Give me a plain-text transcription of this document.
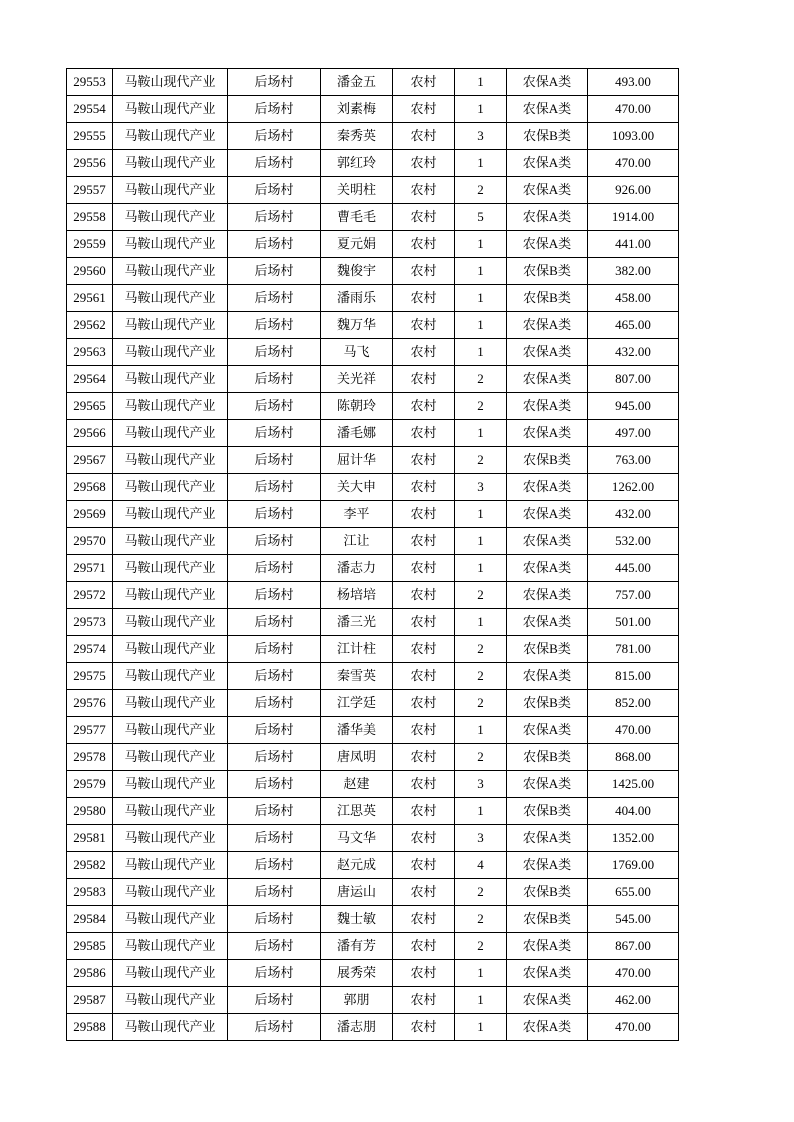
29553	马鞍山现代产业	后场村	潘金五	农村	1	农保A类	493.00
29554	马鞍山现代产业	后场村	刘素梅	农村	1	农保A类	470.00
29555	马鞍山现代产业	后场村	秦秀英	农村	3	农保B类	1093.00
29556	马鞍山现代产业	后场村	郭红玲	农村	1	农保A类	470.00
29557	马鞍山现代产业	后场村	关明柱	农村	2	农保A类	926.00
29558	马鞍山现代产业	后场村	曹毛毛	农村	5	农保A类	1914.00
29559	马鞍山现代产业	后场村	夏元娟	农村	1	农保A类	441.00
29560	马鞍山现代产业	后场村	魏俊宇	农村	1	农保B类	382.00
29561	马鞍山现代产业	后场村	潘雨乐	农村	1	农保B类	458.00
29562	马鞍山现代产业	后场村	魏万华	农村	1	农保A类	465.00
29563	马鞍山现代产业	后场村	马飞	农村	1	农保A类	432.00
29564	马鞍山现代产业	后场村	关光祥	农村	2	农保A类	807.00
29565	马鞍山现代产业	后场村	陈朝玲	农村	2	农保A类	945.00
29566	马鞍山现代产业	后场村	潘毛娜	农村	1	农保A类	497.00
29567	马鞍山现代产业	后场村	屈计华	农村	2	农保B类	763.00
29568	马鞍山现代产业	后场村	关大申	农村	3	农保A类	1262.00
29569	马鞍山现代产业	后场村	李平	农村	1	农保A类	432.00
29570	马鞍山现代产业	后场村	江让	农村	1	农保A类	532.00
29571	马鞍山现代产业	后场村	潘志力	农村	1	农保A类	445.00
29572	马鞍山现代产业	后场村	杨培培	农村	2	农保A类	757.00
29573	马鞍山现代产业	后场村	潘三光	农村	1	农保A类	501.00
29574	马鞍山现代产业	后场村	江计柱	农村	2	农保B类	781.00
29575	马鞍山现代产业	后场村	秦雪英	农村	2	农保A类	815.00
29576	马鞍山现代产业	后场村	江学廷	农村	2	农保B类	852.00
29577	马鞍山现代产业	后场村	潘华美	农村	1	农保A类	470.00
29578	马鞍山现代产业	后场村	唐凤明	农村	2	农保B类	868.00
29579	马鞍山现代产业	后场村	赵建	农村	3	农保A类	1425.00
29580	马鞍山现代产业	后场村	江思英	农村	1	农保B类	404.00
29581	马鞍山现代产业	后场村	马文华	农村	3	农保A类	1352.00
29582	马鞍山现代产业	后场村	赵元成	农村	4	农保A类	1769.00
29583	马鞍山现代产业	后场村	唐运山	农村	2	农保B类	655.00
29584	马鞍山现代产业	后场村	魏士敏	农村	2	农保B类	545.00
29585	马鞍山现代产业	后场村	潘有芳	农村	2	农保A类	867.00
29586	马鞍山现代产业	后场村	展秀荣	农村	1	农保A类	470.00
29587	马鞍山现代产业	后场村	郭朋	农村	1	农保A类	462.00
29588	马鞍山现代产业	后场村	潘志朋	农村	1	农保A类	470.00
